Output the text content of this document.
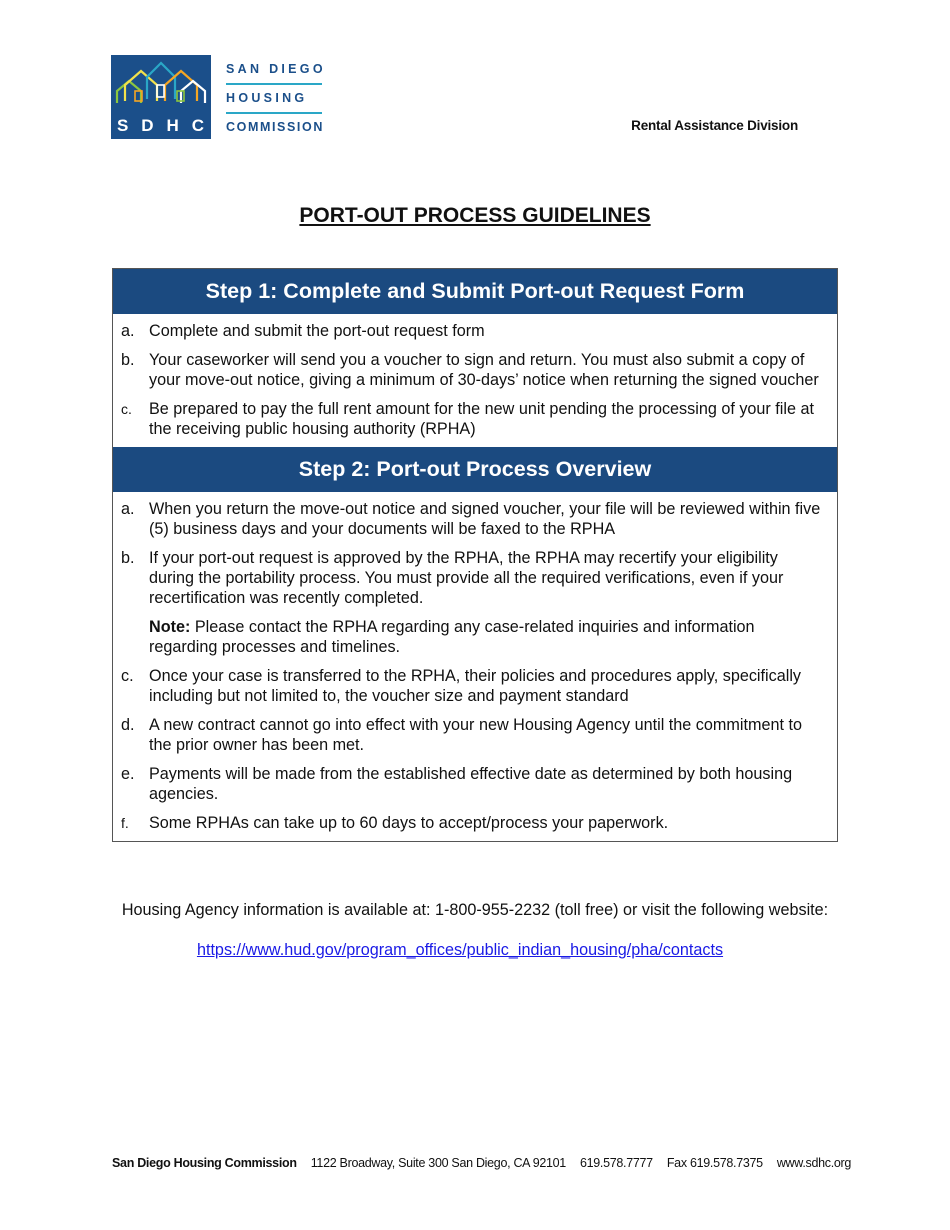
S D H C
SAN DIEGO
HOUSING
COMMISSION	Rental Assistance Division
PORT-OUT PROCESS GUIDELINES
Step 1: Complete and Submit Port-out Request Form
a. Complete and submit the port-out request form
b. Your caseworker will send you a voucher to sign and return. You must also submit a copy of your move-out notice, giving a minimum of 30-days’ notice when returning the signed voucher
c.	Be prepared to pay the full rent amount for the new unit pending the processing of your file at the receiving public housing authority (RPHA)
Step 2: Port-out Process Overview
a. When you return the move-out notice and signed voucher, your file will be reviewed within five (5) business days and your documents will be faxed to the RPHA
b. If your port-out request is approved by the RPHA, the RPHA may recertify your eligibility during the portability process. You must provide all the required verifications, even if your recertification was recently completed.
Note: Please contact the RPHA regarding any case-related inquiries and information regarding processes and timelines.
c. Once your case is transferred to the RPHA, their policies and procedures apply, specifically including but not limited to, the voucher size and payment standard
d. A new contract cannot go into effect with your new Housing Agency until the commitment to the prior owner has been met.
e. Payments will be made from the established effective date as determined by both housing agencies.
f.	Some RPHAs can take up to 60 days to accept/process your paperwork.
Housing Agency information is available at: 1-800-955-2232 (toll free) or visit the following website:
https://www.hud.gov/program_offices/public_indian_housing/pha/contacts
San Diego Housing Commission 1122 Broadway, Suite 300 San Diego, CA 92101 619.578.7777 Fax 619.578.7375 www.sdhc.org
